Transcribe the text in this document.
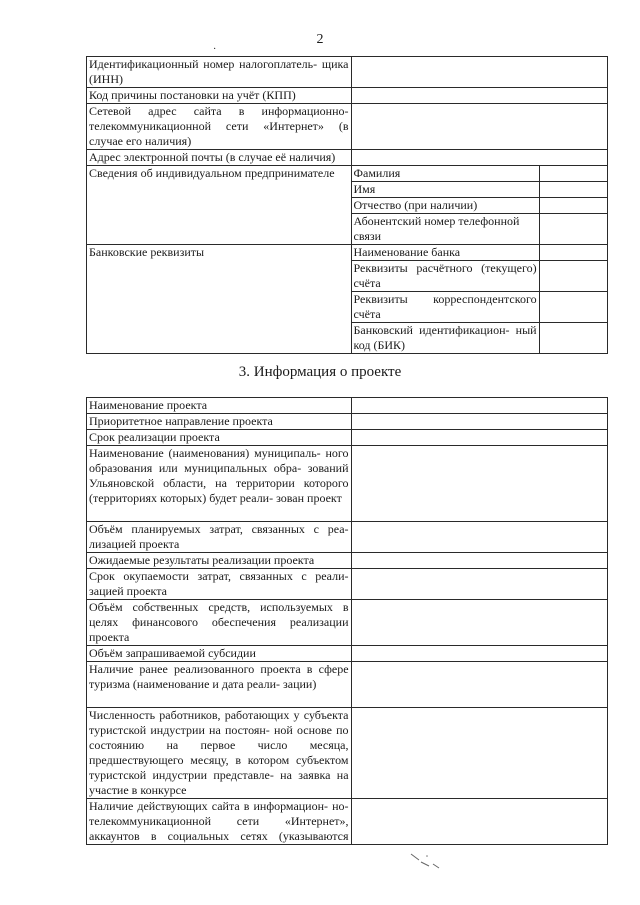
2
·
Идентификационный номер налогоплатель- щика (ИНН)		
Код причины постановки на учёт (КПП)		
Сетевой адрес сайта в информационно-телекоммуникационной сети «Интернет» (в случае его наличия)		
Адрес электронной почты (в случае её наличия)		
Сведения об индивидуальном предпринимателе	Фамилия	
	Имя	
	Отчество (при наличии)	
	Абонентский номер телефонной связи	
Банковские реквизиты	Наименование банка	
	Реквизиты расчётного (текущего) счёта	
	Реквизиты корреспондентского счёта	
	Банковский идентификацион- ный код (БИК)	
3. Информация о проекте
Наименование проекта	
Приоритетное направление проекта	
Срок реализации проекта	
Наименование (наименования) муниципаль- ного образования или муниципальных обра- зований Ульяновской области, на территории которого (территориях которых) будет реали- зован проект	
Объём планируемых затрат, связанных с реа- лизацией проекта	
Ожидаемые результаты реализации проекта	
Срок окупаемости затрат, связанных с реали- зацией проекта	
Объём собственных средств, используемых в целях финансового обеспечения реализации проекта	
Объём запрашиваемой субсидии	
Наличие ранее реализованного проекта в сфере туризма (наименование и дата реали- зации)	
Численность работников, работающих у субъекта туристской индустрии на постоян- ной основе по состоянию на первое число месяца, предшествующего месяцу, в котором субъектом туристской индустрии представле- на заявка на участие в конкурсе	
Наличие действующих сайта в информацион- но-телекоммуникационной сети «Интернет», аккаунтов в социальных сетях (указываются	
